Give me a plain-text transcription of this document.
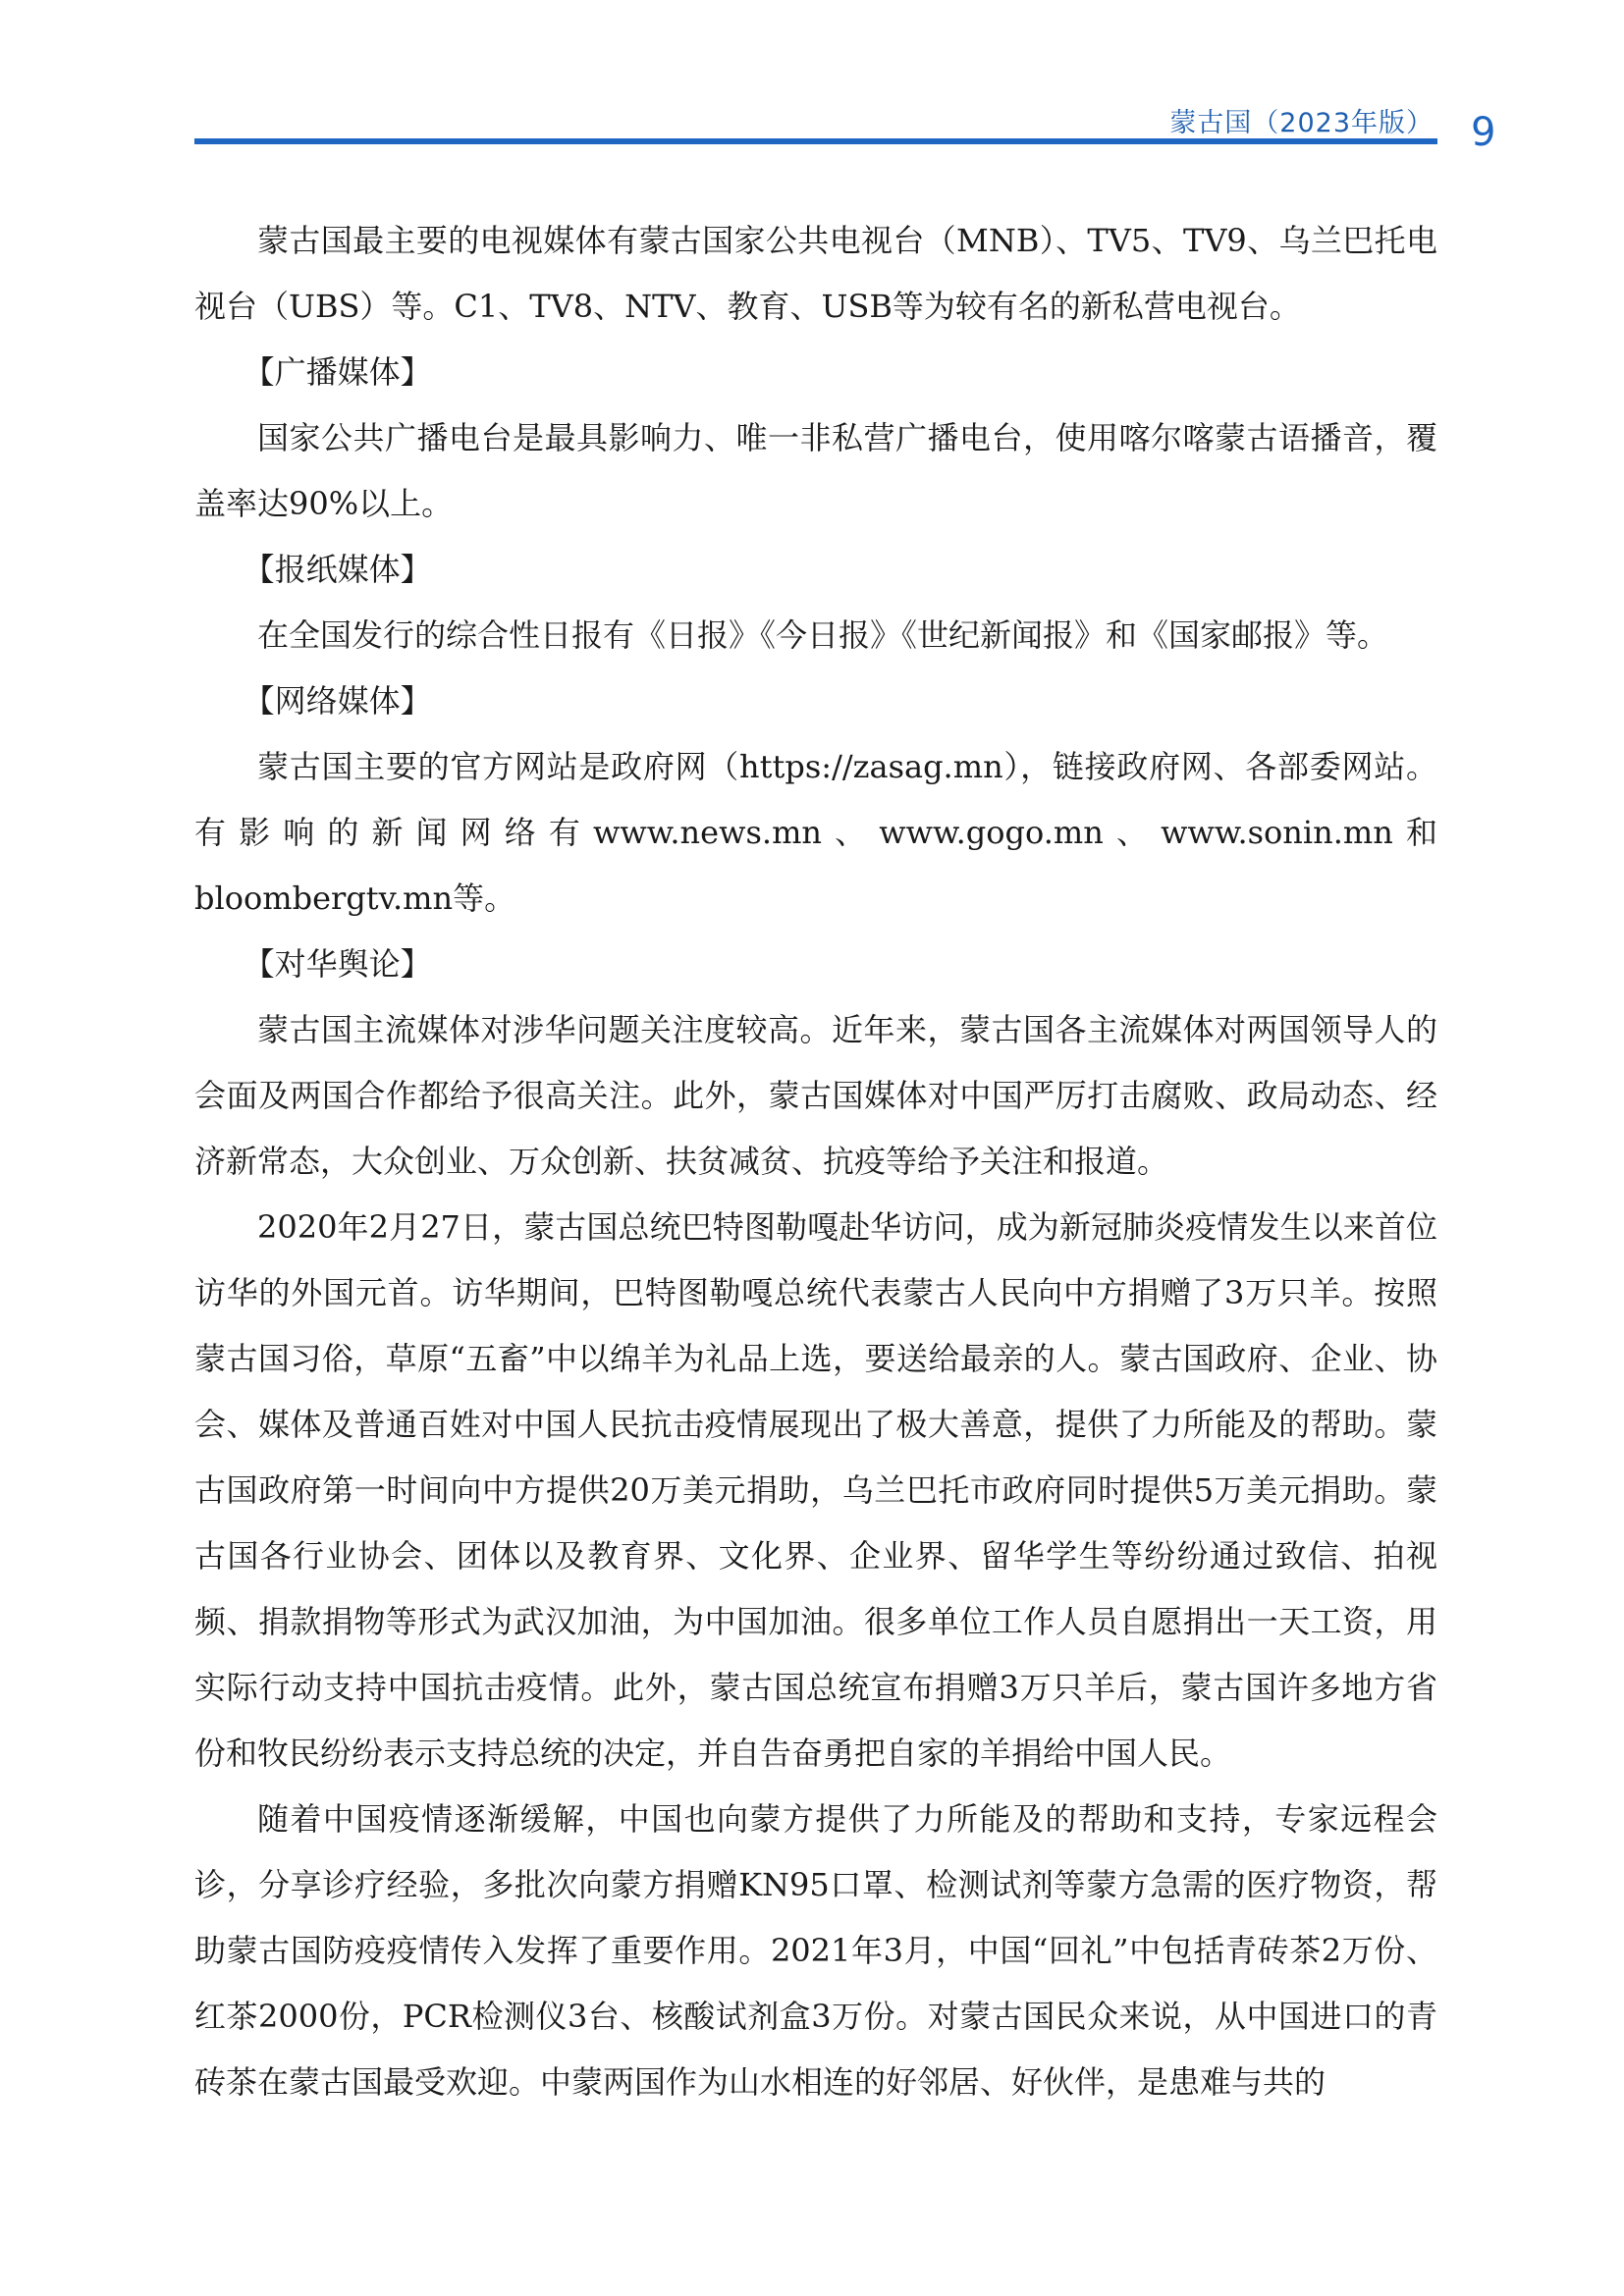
蒙古国（2023年版） 9

蒙古国最主要的电视媒体有蒙古国家公共电视台（MNB）、TV5、TV9、乌兰巴托电视台（UBS）等。C1、TV8、NTV、教育、USB等为较有名的新私营电视台。

【广播媒体】

国家公共广播电台是最具影响力、唯一非私营广播电台，使用喀尔喀蒙古语播音，覆盖率达90%以上。

【报纸媒体】

在全国发行的综合性日报有《日报》《今日报》《世纪新闻报》和《国家邮报》等。

【网络媒体】

蒙古国主要的官方网站是政府网（https://zasag.mn），链接政府网、各部委网站。有影响的新闻网络有www.news.mn、www.gogo.mn、www.sonin.mn和bloombergtv.mn等。

【对华舆论】

蒙古国主流媒体对涉华问题关注度较高。近年来，蒙古国各主流媒体对两国领导人的会面及两国合作都给予很高关注。此外，蒙古国媒体对中国严厉打击腐败、政局动态、经济新常态，大众创业、万众创新、扶贫减贫、抗疫等给予关注和报道。

2020年2月27日，蒙古国总统巴特图勒嘎赴华访问，成为新冠肺炎疫情发生以来首位访华的外国元首。访华期间，巴特图勒嘎总统代表蒙古人民向中方捐赠了3万只羊。按照蒙古国习俗，草原“五畜”中以绵羊为礼品上选，要送给最亲的人。蒙古国政府、企业、协会、媒体及普通百姓对中国人民抗击疫情展现出了极大善意，提供了力所能及的帮助。蒙古国政府第一时间向中方提供20万美元捐助，乌兰巴托市政府同时提供5万美元捐助。蒙古国各行业协会、团体以及教育界、文化界、企业界、留华学生等纷纷通过致信、拍视频、捐款捐物等形式为武汉加油，为中国加油。很多单位工作人员自愿捐出一天工资，用实际行动支持中国抗击疫情。此外，蒙古国总统宣布捐赠3万只羊后，蒙古国许多地方省份和牧民纷纷表示支持总统的决定，并自告奋勇把自家的羊捐给中国人民。

随着中国疫情逐渐缓解，中国也向蒙方提供了力所能及的帮助和支持，专家远程会诊，分享诊疗经验，多批次向蒙方捐赠KN95口罩、检测试剂等蒙方急需的医疗物资，帮助蒙古国防疫疫情传入发挥了重要作用。2021年3月，中国“回礼”中包括青砖茶2万份、红茶2000份，PCR检测仪3台、核酸试剂盒3万份。对蒙古国民众来说，从中国进口的青砖茶在蒙古国最受欢迎。中蒙两国作为山水相连的好邻居、好伙伴，是患难与共的
